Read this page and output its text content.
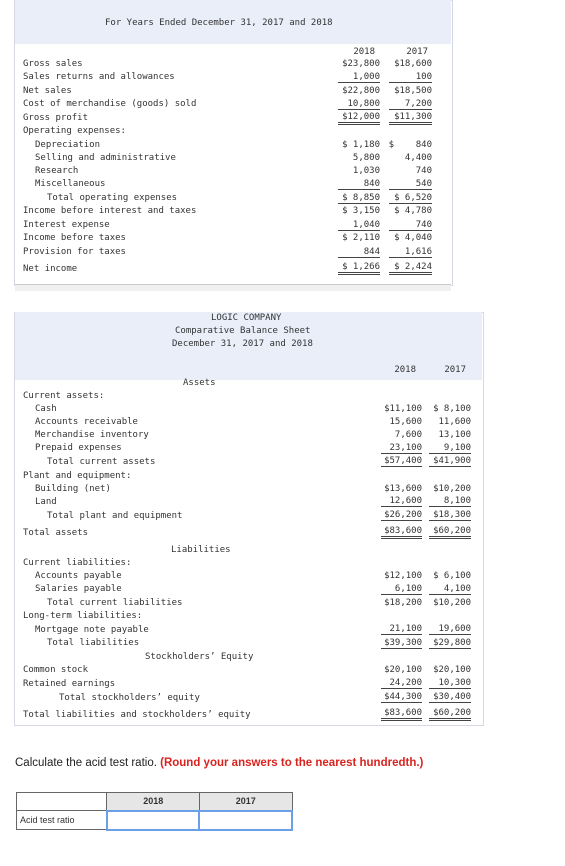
For Years Ended December 31, 2017 and 2018
2018	2017
Gross sales	$23,800	$18,600
Sales returns and allowances	1,000	100
Net sales	$22,800	$18,500
Cost of merchandise (goods) sold	10,800	7,200
Gross profit	$12,000	$11,300
Operating expenses:
Depreciation	$ 1,180 $    840
Selling and administrative	5,800	4,400
Research	1,030	740
Miscellaneous	840	540
Total operating expenses	$ 8,850	$ 6,520
Income before interest and taxes	$ 3,150	$ 4,780
Interest expense	1,040	740
Income before taxes	$ 2,110	$ 4,040
Provision for taxes	844	1,616
Net income	$ 1,266	$ 2,424
LOGIC COMPANY
Comparative Balance Sheet
December 31, 2017 and 2018
2018	2017
Assets
Current assets:
Cash	$11,100	$ 8,100
Accounts receivable	15,600	11,600
Merchandise inventory	7,600	13,100
Prepaid expenses	23,100	9,100
Total current assets	$57,400	$41,900
Plant and equipment:
Building (net)	$13,600	$10,200
Land	12,600	8,100
Total plant and equipment	$26,200	$18,300
Total assets	$83,600	$60,200
Liabilities
Current liabilities:
Accounts payable	$12,100	$ 6,100
Salaries payable	6,100	4,100
Total current liabilities	$18,200	$10,200
Long-term liabilities:
Mortgage note payable	21,100	19,600
Total liabilities	$39,300	$29,800
Stockholders’ Equity
Common stock	$20,100	$20,100
Retained earnings	24,200	10,300
Total stockholders’ equity	$44,300	$30,400
Total liabilities and stockholders’ equity	$83,600	$60,200
Calculate the acid test ratio. (Round your answers to the nearest hundredth.)
	2018	2017
Acid test ratio		
